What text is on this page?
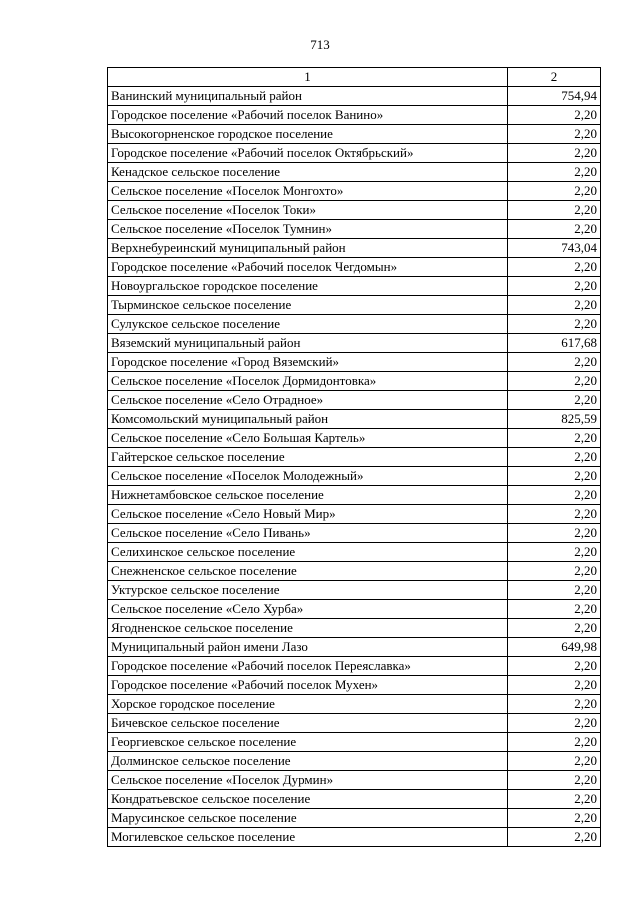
713
1	2
Ванинский муниципальный район	754,94
Городское поселение «Рабочий поселок Ванино»	2,20
Высокогорненское городское поселение	2,20
Городское поселение «Рабочий поселок Октябрьский»	2,20
Кенадское сельское поселение	2,20
Сельское поселение «Поселок Монгохто»	2,20
Сельское поселение «Поселок Токи»	2,20
Сельское поселение «Поселок Тумнин»	2,20
Верхнебуреинский муниципальный район	743,04
Городское поселение «Рабочий поселок Чегдомын»	2,20
Новоургальское городское поселение	2,20
Тырминское сельское поселение	2,20
Сулукское сельское поселение	2,20
Вяземский муниципальный район	617,68
Городское поселение «Город Вяземский»	2,20
Сельское поселение «Поселок Дормидонтовка»	2,20
Сельское поселение «Село Отрадное»	2,20
Комсомольский муниципальный район	825,59
Сельское поселение «Село Большая Картель»	2,20
Гайтерское сельское поселение	2,20
Сельское поселение «Поселок Молодежный»	2,20
Нижнетамбовское сельское поселение	2,20
Сельское поселение «Село Новый Мир»	2,20
Сельское поселение «Село Пивань»	2,20
Селихинское сельское поселение	2,20
Снежненское сельское поселение	2,20
Уктурское сельское поселение	2,20
Сельское поселение «Село Хурба»	2,20
Ягодненское сельское поселение	2,20
Муниципальный район имени Лазо	649,98
Городское поселение «Рабочий поселок Переяславка»	2,20
Городское поселение «Рабочий поселок Мухен»	2,20
Хорское городское поселение	2,20
Бичевское сельское поселение	2,20
Георгиевское сельское поселение	2,20
Долминское сельское поселение	2,20
Сельское поселение «Поселок Дурмин»	2,20
Кондратьевское сельское поселение	2,20
Марусинское сельское поселение	2,20
Могилевское сельское поселение	2,20
